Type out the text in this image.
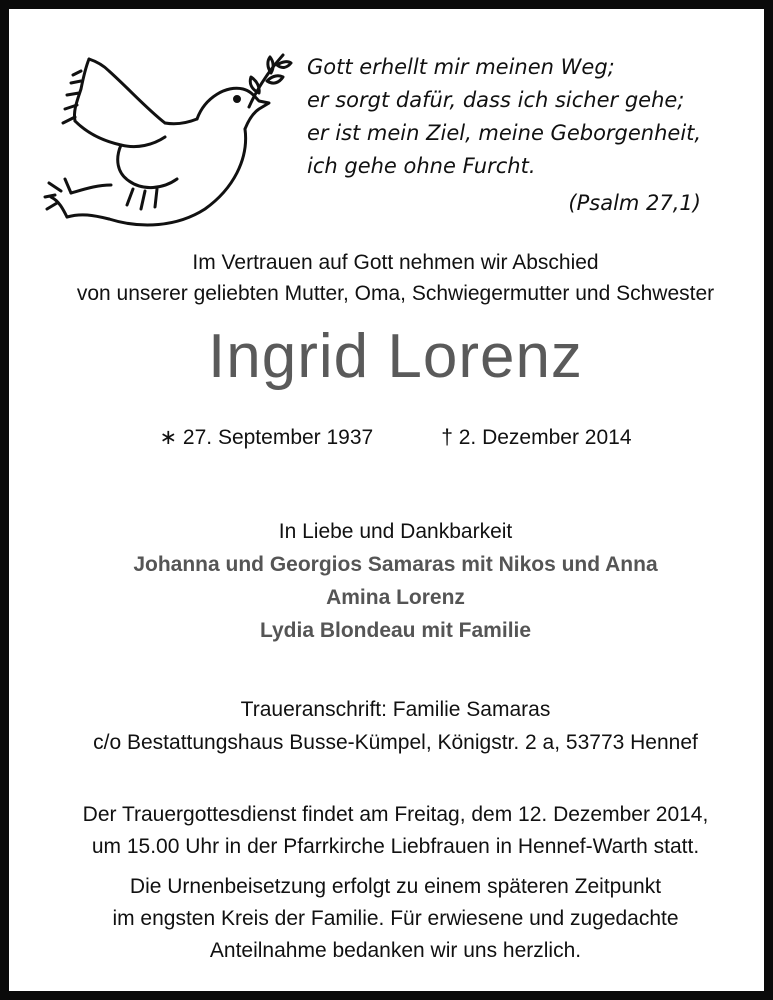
Gott erhellt mir meinen Weg;
er sorgt dafür, dass ich sicher gehe;
er ist mein Ziel, meine Geborgenheit,
ich gehe ohne Furcht.
(Psalm 27,1)
Im Vertrauen auf Gott nehmen wir Abschied
von unserer geliebten Mutter, Oma, Schwiegermutter und Schwester
Ingrid Lorenz
∗ 27. September 1937	† 2. Dezember 2014
In Liebe und Dankbarkeit
Johanna und Georgios Samaras mit Nikos und Anna
Amina Lorenz
Lydia Blondeau mit Familie
Traueranschrift: Familie Samaras
c/o Bestattungshaus Busse-Kümpel, Königstr. 2 a, 53773 Hennef
Der Trauergottesdienst findet am Freitag, dem 12. Dezember 2014,
um 15.00 Uhr in der Pfarrkirche Liebfrauen in Hennef-Warth statt.
Die Urnenbeisetzung erfolgt zu einem späteren Zeitpunkt
im engsten Kreis der Familie. Für erwiesene und zugedachte
Anteilnahme bedanken wir uns herzlich.
